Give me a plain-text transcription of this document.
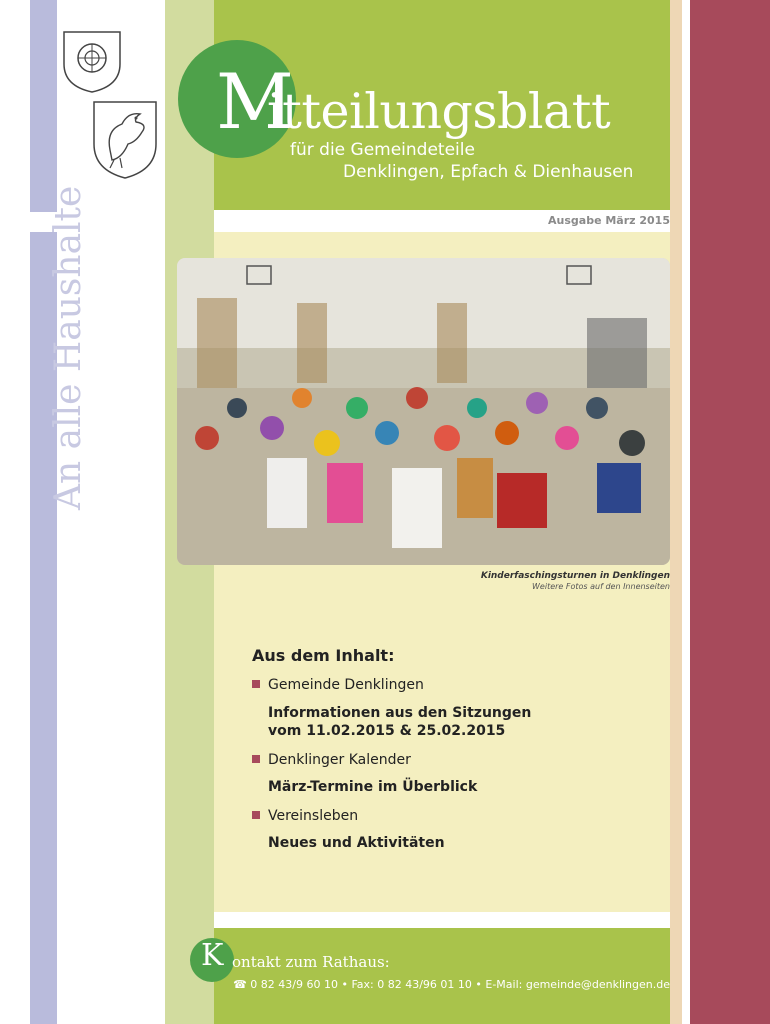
M
itteilungsblatt
für die Gemeindeteile
Denklingen, Epfach & Dienhausen
An alle Haushalte	Ausgabe März 2015
Kinderfaschingsturnen in Denklingen
Weitere Fotos auf den Innenseiten
Aus dem Inhalt:
Gemeinde Denklingen
Informationen aus den Sitzungen
vom 11.02.2015 & 25.02.2015
Denklinger Kalender
März-Termine im Überblick
Vereinsleben
Neues und Aktivitäten
K ontakt zum Rathaus:
☎ 0 82 43/9 60 10 • Fax: 0 82 43/96 01 10 • E-Mail: gemeinde@denklingen.de
